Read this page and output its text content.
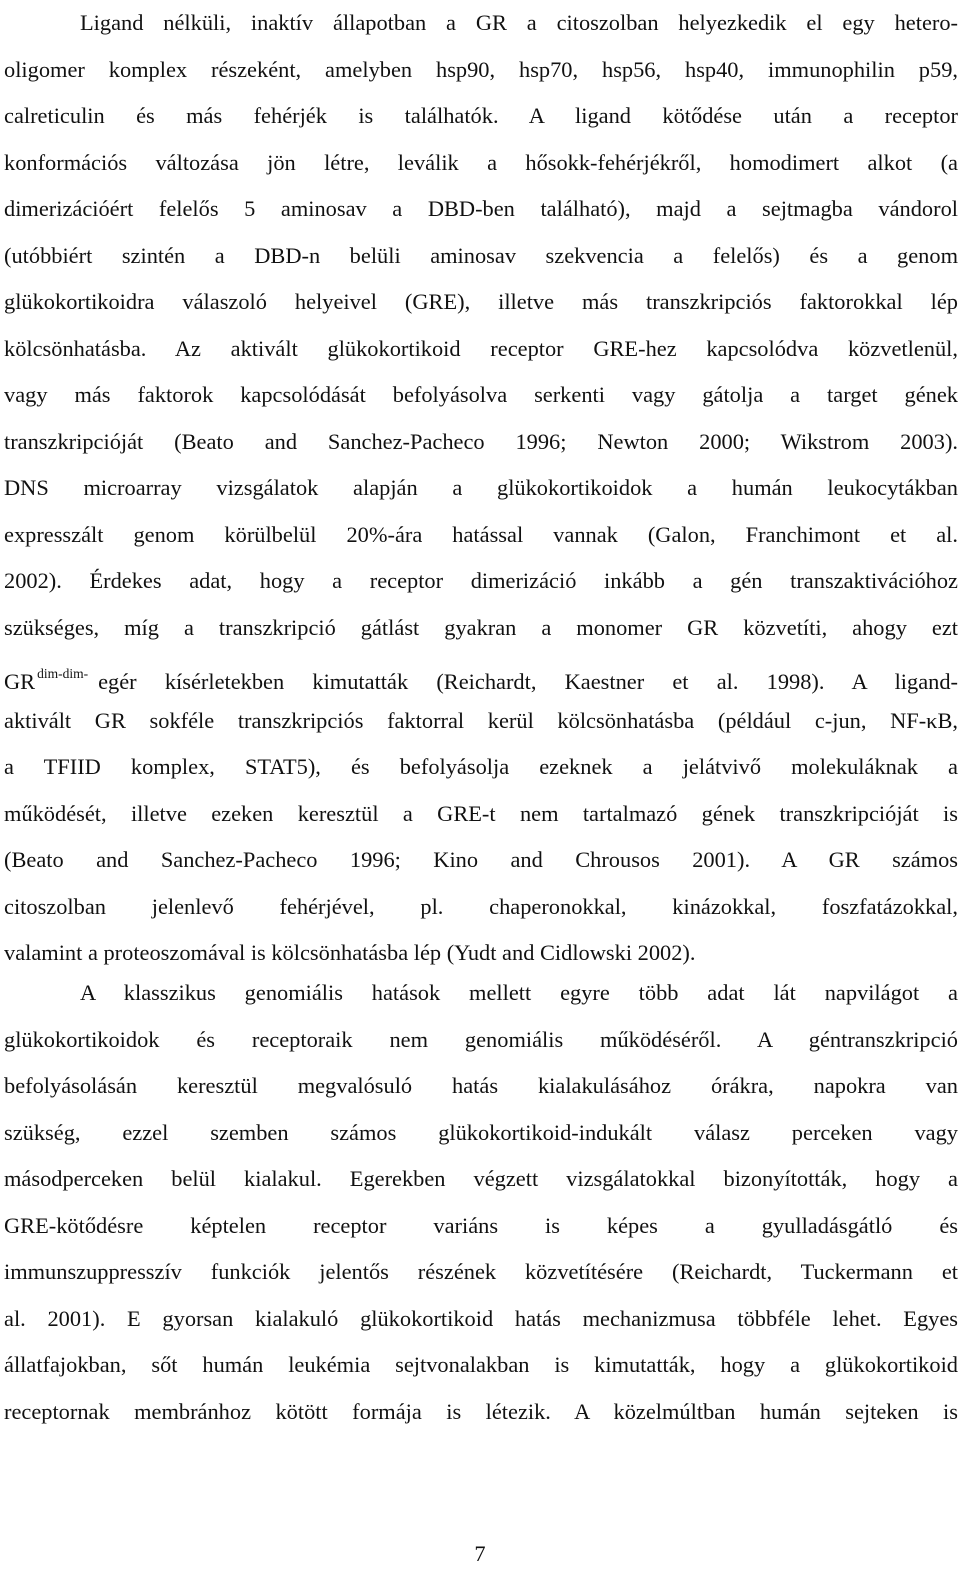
Ligand nélküli, inaktív állapotban a GR a citoszolban helyezkedik el egy hetero-
oligomer komplex részeként, amelyben hsp90, hsp70, hsp56, hsp40, immunophilin p59,
calreticulin és más fehérjék is találhatók. A ligand kötődése után a receptor
konformációs változása jön létre, leválik a hősokk-fehérjékről, homodimert alkot (a
dimerizációért felelős 5 aminosav a DBD-ben található), majd a sejtmagba vándorol
(utóbbiért szintén a DBD-n belüli aminosav szekvencia a felelős) és a genom
glükokortikoidra válaszoló helyeivel (GRE), illetve más transzkripciós faktorokkal lép
kölcsönhatásba. Az aktivált glükokortikoid receptor GRE-hez kapcsolódva közvetlenül,
vagy más faktorok kapcsolódását befolyásolva serkenti vagy gátolja a target gének
transzkripcióját (Beato and Sanchez-Pacheco 1996; Newton 2000; Wikstrom 2003).
DNS microarray vizsgálatok alapján a glükokortikoidok a humán leukocytákban
expresszált genom körülbelül 20%-ára hatással vannak (Galon, Franchimont et al.
2002). Érdekes adat, hogy a receptor dimerizáció inkább a gén transzaktivációhoz
szükséges, míg a transzkripció gátlást gyakran a monomer GR közvetíti, ahogy ezt
GR $^{dim-dim-}$ egér kísérletekben kimutatták (Reichardt, Kaestner et al. 1998). A ligand-
aktivált GR sokféle transzkripciós faktorral kerül kölcsönhatásba (például c-jun, NF-κB,
a TFIID komplex, STAT5), és befolyásolja ezeknek a jelátvivő molekuláknak a
működését, illetve ezeken keresztül a GRE-t nem tartalmazó gének transzkripcióját is
(Beato and Sanchez-Pacheco 1996; Kino and Chrousos 2001). A GR számos
citoszolban jelenlevő fehérjével, pl. chaperonokkal, kinázokkal, foszfatázokkal,
valamint a proteoszomával is kölcsönhatásba lép (Yudt and Cidlowski 2002).
A klasszikus genomiális hatások mellett egyre több adat lát napvilágot a
glükokortikoidok és receptoraik nem genomiális működéséről. A géntranszkripció
befolyásolásán keresztül megvalósuló hatás kialakulásához órákra, napokra van
szükség, ezzel szemben számos glükokortikoid-indukált válasz perceken vagy
másodperceken belül kialakul. Egerekben végzett vizsgálatokkal bizonyították, hogy a
GRE-kötődésre képtelen receptor variáns is képes a gyulladásgátló és
immunszuppresszív funkciók jelentős részének közvetítésére (Reichardt, Tuckermann et
al. 2001). E gyorsan kialakuló glükokortikoid hatás mechanizmusa többféle lehet. Egyes
állatfajokban, sőt humán leukémia sejtvonalakban is kimutatták, hogy a glükokortikoid
receptornak membránhoz kötött formája is létezik. A közelmúltban humán sejteken is
7
